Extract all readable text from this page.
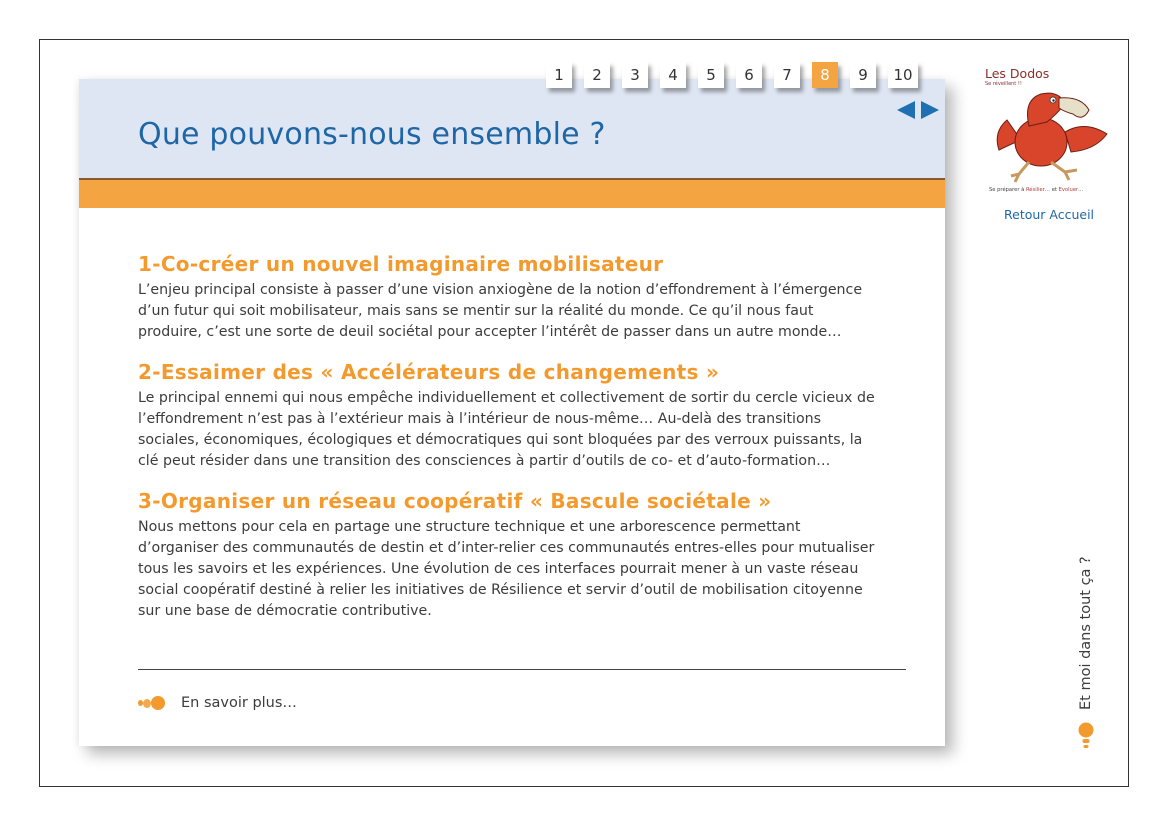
Que pouvons-nous ensemble ?
1	2	3	4	5	6	7	8	9	10
1-Co-créer un nouvel imaginaire mobilisateur

L’enjeu principal consiste à passer d’une vision anxiogène de la notion d’effondrement à l’émergence d’un futur qui soit mobilisateur, mais sans se mentir sur la réalité du monde. Ce qu’il nous faut produire, c’est une sorte de deuil sociétal pour accepter l’intérêt de passer dans un autre monde…

2-Essaimer des « Accélérateurs de changements »

Le principal ennemi qui nous empêche individuellement et collectivement de sortir du cercle vicieux de l’effondrement n’est pas à l’extérieur mais à l’intérieur de nous-même… Au-delà des transitions sociales, économiques, écologiques et démocratiques qui sont bloquées par des verroux puissants, la clé peut résider dans une transition des consciences à partir d’outils de co- et d’auto-formation…

3-Organiser un réseau coopératif « Bascule sociétale »

Nous mettons pour cela en partage une structure technique et une arborescence permettant d’organiser des communautés de destin et d’inter-relier ces communautés entres-elles pour mutualiser tous les savoirs et les expériences. Une évolution de ces interfaces pourrait mener à un vaste réseau social coopératif destiné à relier les initiatives de Résilience et servir d’outil de mobilisation citoyenne sur une base de démocratie contributive.

En savoir plus…
Les Dodos
Se réveillent !!
Se préparer à Résilier… et Evoluer…
Retour Accueil
Et moi dans tout ça ?
